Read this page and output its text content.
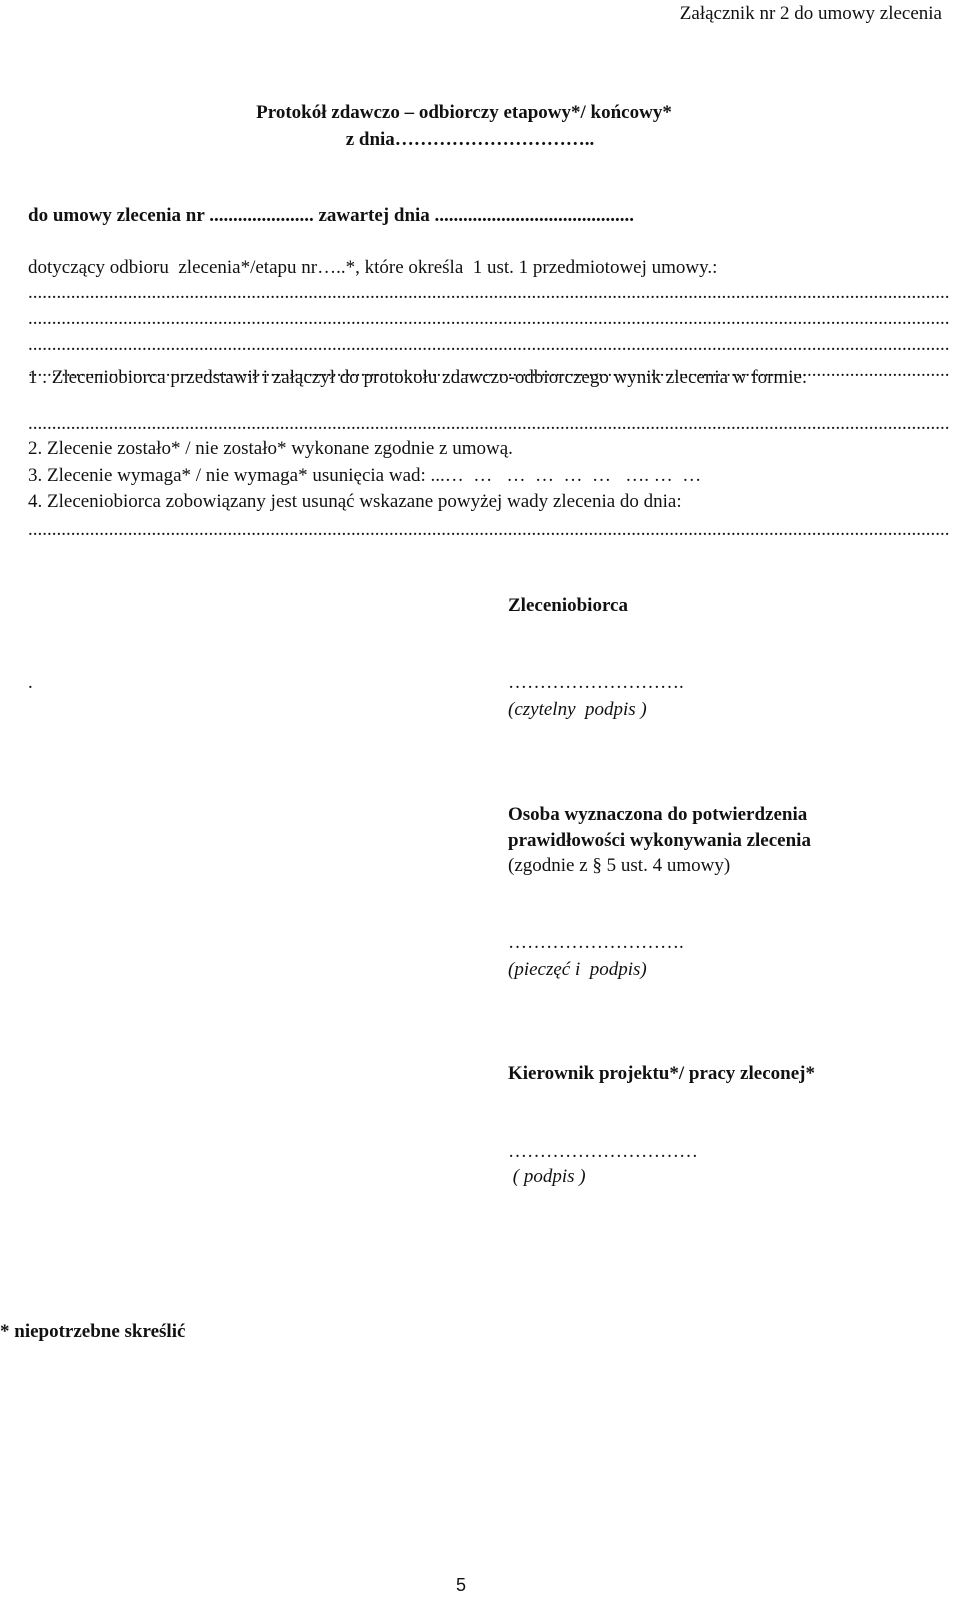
Załącznik nr 2 do umowy zlecenia
Protokół zdawczo – odbiorczy etapowy*/ końcowy*
z dnia…………………………..
do umowy zlecenia nr ...................... zawartej dnia ..........................................
dotyczący odbioru  zlecenia*/etapu nr…..*, które określa  1 ust. 1 przedmiotowej umowy.:
.....
.....
.....
.....
1 . Zleceniobiorca przedstawił i załączył do protokołu zdawczo-odbiorczego wynik zlecenia w formie:
.....
2. Zlecenie zostało* / nie zostało* wykonane zgodnie z umową.
3. Zlecenie wymaga* / nie wymaga* usunięcia wad: ...…  …   …  …  …  …   …. …  …
4. Zleceniobiorca zobowiązany jest usunąć wskazane powyżej wady zlecenia do dnia:
.....
Zleceniobiorca
.	……………………….
(czytelny  podpis )
Osoba wyznaczona do potwierdzenia
prawidłowości wykonywania zlecenia
(zgodnie z § 5 ust. 4 umowy)
……………………….
(pieczęć i  podpis)
Kierownik projektu*/ pracy zleconej*
…………………………
( podpis )
* niepotrzebne skreślić
5
